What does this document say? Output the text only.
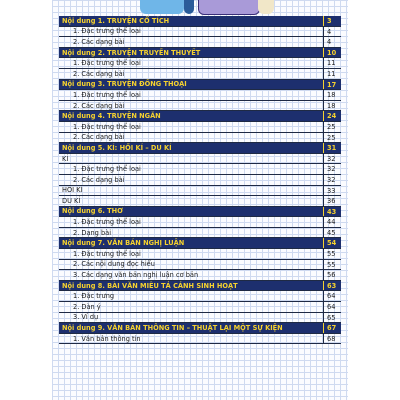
Nội dung 1. TRUYỆN CỔ TÍCH	3
1. Đặc trưng thể loại	4
2. Các dạng bài	4
Nội dung 2. TRUYỆN TRUYỀN THUYẾT	10
1. Đặc trưng thể loại	11
2. Các dạng bài	11
Nội dung 3. TRUYỆN ĐỒNG THOẠI	17
1. Đặc trưng thể loại	18
2. Các dạng bài	18
Nội dung 4. TRUYỆN NGẮN	24
1. Đặc trưng thể loại	25
2. Các dạng bài	25
Nội dung 5. KÍ: HỒI KÍ – DU KÍ	31
KÍ	32
1. Đặc trưng thể loại	32
2. Các dạng bài	32
HỒI KÍ	33
DU KÍ	36
Nội dung 6. THƠ	43
1. Đặc trưng thể loại	44
2. Dạng bài	45
Nội dung 7. VĂN BẢN NGHỊ LUẬN	54
1. Đặc trưng thể loại	55
2. Các nội dung đọc hiểu	55
3. Các dạng văn bản nghị luận cơ bản	56
Nội dung 8. BÀI VĂN MIÊU TẢ CẢNH SINH HOẠT	63
1. Đặc trưng	64
2. Dàn ý	64
3. Ví dụ	65
Nội dung 9. VĂN BẢN THÔNG TIN – THUẬT LẠI MỘT SỰ KIỆN	67
1. Văn bản thông tin	68
